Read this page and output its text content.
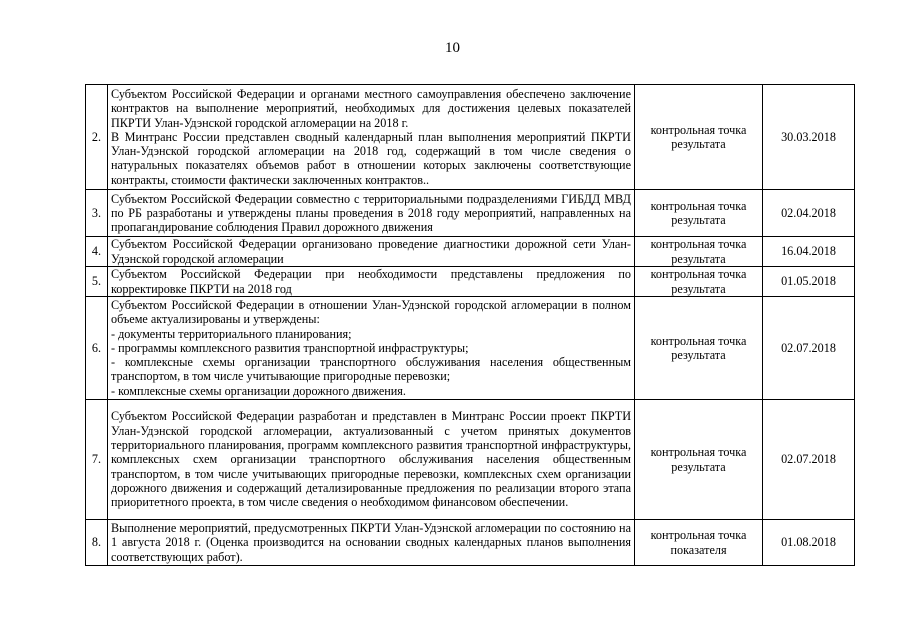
10
2.	Субъектом Российской Федерации и органами местного самоуправления обеспечено заключение контрактов на выполнение мероприятий, необходимых для достижения целевых показателей ПКРТИ Улан-Удэнской городской агломерации на 2018 г.
В Минтранс России представлен сводный календарный план выполнения мероприятий ПКРТИ Улан-Удэнской городской агломерации на 2018 год, содержащий в том числе сведения о натуральных показателях объемов работ в отношении которых заключены соответствующие контракты, стоимости фактически заключенных контрактов..	контрольная точка результата	30.03.2018
3.	Субъектом Российской Федерации совместно с территориальными подразделениями ГИБДД МВД по РБ разработаны и утверждены планы проведения в 2018 году мероприятий, направленных на пропагандирование соблюдения Правил дорожного движения	контрольная точка результата	02.04.2018
4.	Субъектом Российской Федерации организовано проведение диагностики дорожной сети Улан-Удэнской городской агломерации	контрольная точка результата	16.04.2018
5.	Субъектом Российской Федерации при необходимости представлены предложения по корректировке ПКРТИ на 2018 год	контрольная точка результата	01.05.2018
6.	Субъектом Российской Федерации в отношении Улан-Удэнской городской агломерации в полном объеме актуализированы и утверждены:
- документы территориального планирования;
- программы комплексного развития транспортной инфраструктуры;
- комплексные схемы организации транспортного обслуживания населения общественным транспортом, в том числе учитывающие пригородные перевозки;
- комплексные схемы организации дорожного движения.	контрольная точка результата	02.07.2018
7.	Субъектом Российской Федерации разработан и представлен в Минтранс России проект ПКРТИ Улан-Удэнской городской агломерации, актуализованный с учетом принятых документов территориального планирования, программ комплексного развития транспортной инфраструктуры, комплексных схем организации транспортного обслуживания населения общественным транспортом, в том числе учитывающих пригородные перевозки, комплексных схем организации дорожного движения и содержащий детализированные предложения по реализации второго этапа приоритетного проекта, в том числе сведения о необходимом финансовом обеспечении.	контрольная точка результата	02.07.2018
8.	Выполнение мероприятий, предусмотренных ПКРТИ Улан-Удэнской агломерации по состоянию на 1 августа 2018 г. (Оценка производится на основании сводных календарных планов выполнения соответствующих работ).	контрольная точка показателя	01.08.2018
